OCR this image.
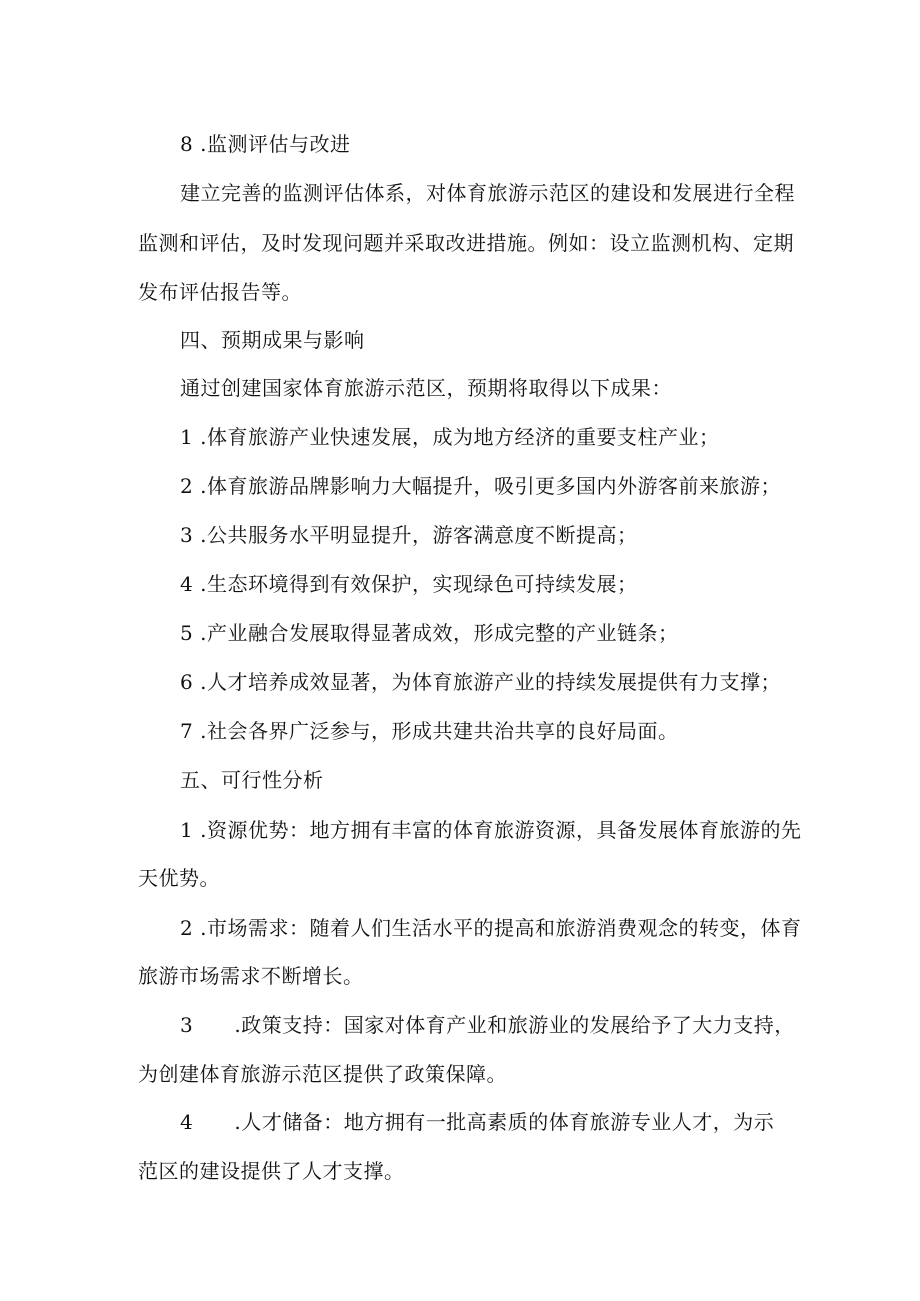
8 .监测评估与改进
建立完善的监测评估体系，对体育旅游示范区的建设和发展进行全程
监测和评估，及时发现问题并采取改进措施。例如：设立监测机构、定期
发布评估报告等。
四、预期成果与影响
通过创建国家体育旅游示范区，预期将取得以下成果：
1 .体育旅游产业快速发展，成为地方经济的重要支柱产业；
2 .体育旅游品牌影响力大幅提升，吸引更多国内外游客前来旅游；
3 .公共服务水平明显提升，游客满意度不断提高；
4 .生态环境得到有效保护，实现绿色可持续发展；
5 .产业融合发展取得显著成效，形成完整的产业链条；
6 .人才培养成效显著，为体育旅游产业的持续发展提供有力支撑；
7 .社会各界广泛参与，形成共建共治共享的良好局面。
五、可行性分析
1 .资源优势：地方拥有丰富的体育旅游资源，具备发展体育旅游的先
天优势。
2 .市场需求：随着人们生活水平的提高和旅游消费观念的转变，体育
旅游市场需求不断增长。
3      .政策支持：国家对体育产业和旅游业的发展给予了大力支持，
为创建体育旅游示范区提供了政策保障。
4      .人才储备：地方拥有一批高素质的体育旅游专业人才，为示
范区的建设提供了人才支撑。
